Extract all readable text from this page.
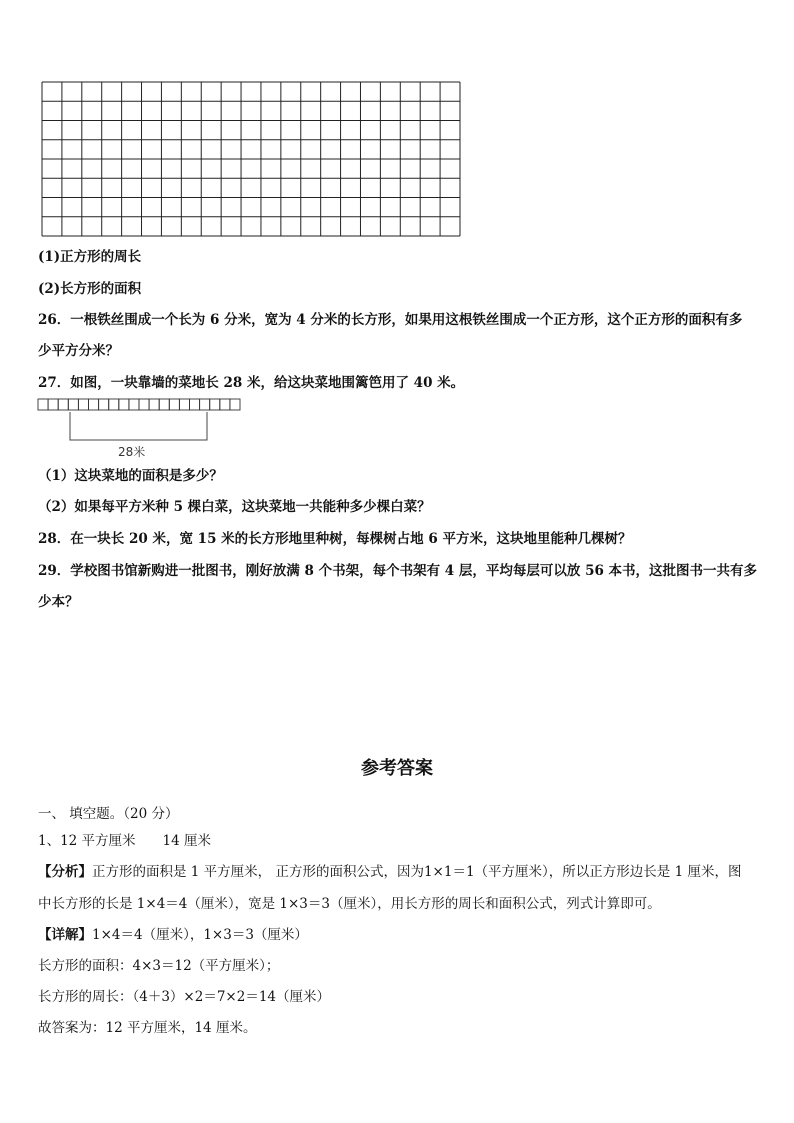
(1)正方形的周长
(2)长方形的面积
26．一根铁丝围成一个长为 6 分米，宽为 4 分米的长方形，如果用这根铁丝围成一个正方形，这个正方形的面积有多
少平方分米？
27．如图，一块靠墙的菜地长 28 米，给这块菜地围篱笆用了 40 米。
28米
（1）这块菜地的面积是多少？
（2）如果每平方米种 5 棵白菜，这块菜地一共能种多少棵白菜？
28．在一块长 20 米，宽 15 米的长方形地里种树，每棵树占地 6 平方米，这块地里能种几棵树？
29．学校图书馆新购进一批图书，刚好放满 8 个书架，每个书架有 4 层，平均每层可以放 56 本书，这批图书一共有多
少本？
参考答案
一、 填空题。（20 分）
1、12 平方厘米　　14 厘米
【分析】正方形的面积是 1 平方厘米， 正方形的面积公式，因为1×1＝1（平方厘米），所以正方形边长是 1 厘米，图
中长方形的长是 1×4＝4（厘米），宽是 1×3＝3（厘米），用长方形的周长和面积公式，列式计算即可。
【详解】1×4＝4（厘米），1×3＝3（厘米）
长方形的面积：4×3＝12（平方厘米）；
长方形的周长：（4＋3）×2＝7×2＝14（厘米）
故答案为：12 平方厘米，14 厘米。
